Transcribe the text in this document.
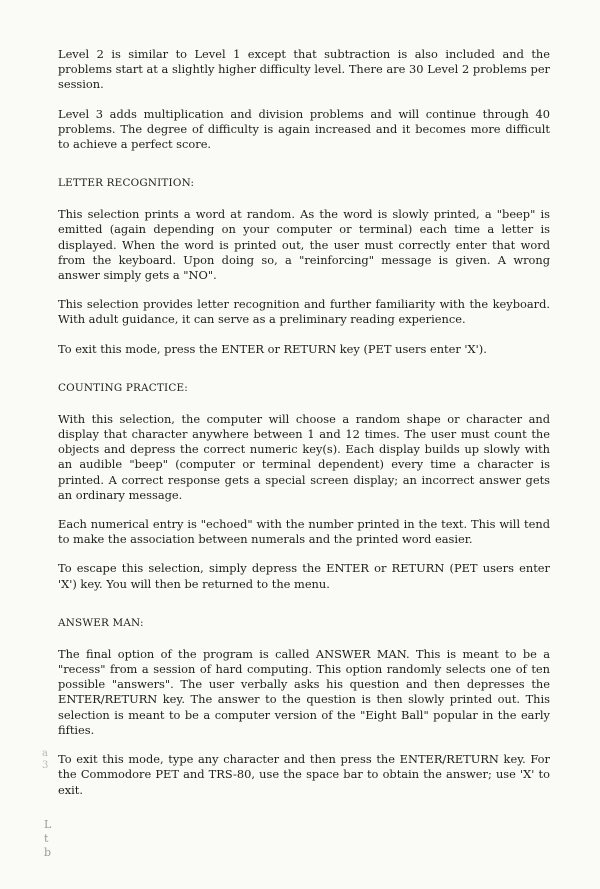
Level 2 is similar to Level 1 except that subtraction is also included and the problems start at a slightly higher difficulty level. There are 30 Level 2 problems per session.

Level 3 adds multiplication and division problems and will continue through 40 problems. The degree of difficulty is again increased and it becomes more difficult to achieve a perfect score.

LETTER RECOGNITION:

This selection prints a word at random. As the word is slowly printed, a "beep" is emitted (again depending on your computer or terminal) each time a letter is displayed. When the word is printed out, the user must correctly enter that word from the keyboard. Upon doing so, a "reinforcing" message is given. A wrong answer simply gets a "NO".

This selection provides letter recognition and further familiarity with the keyboard. With adult guidance, it can serve as a preliminary reading experience.

To exit this mode, press the ENTER or RETURN key (PET users enter 'X').

COUNTING PRACTICE:

With this selection, the computer will choose a random shape or character and display that character anywhere between 1 and 12 times. The user must count the objects and depress the correct numeric key(s). Each display builds up slowly with an audible "beep" (computer or terminal dependent) every time a character is printed. A correct response gets a special screen display; an incorrect answer gets an ordinary message.

Each numerical entry is "echoed" with the number printed in the text. This will tend to make the association between numerals and the printed word easier.

To escape this selection, simply depress the ENTER or RETURN (PET users enter 'X') key. You will then be returned to the menu.

ANSWER MAN:

The final option of the program is called ANSWER MAN. This is meant to be a "recess" from a session of hard computing. This option randomly selects one of ten possible "answers". The user verbally asks his question and then depresses the ENTER/RETURN key. The answer to the question is then slowly printed out. This selection is meant to be a computer version of the "Eight Ball" popular in the early fifties.

To exit this mode, type any character and then press the ENTER/RETURN key. For the Commodore PET and TRS-80, use the space bar to obtain the answer; use 'X' to exit.

a
3
L
t
b
